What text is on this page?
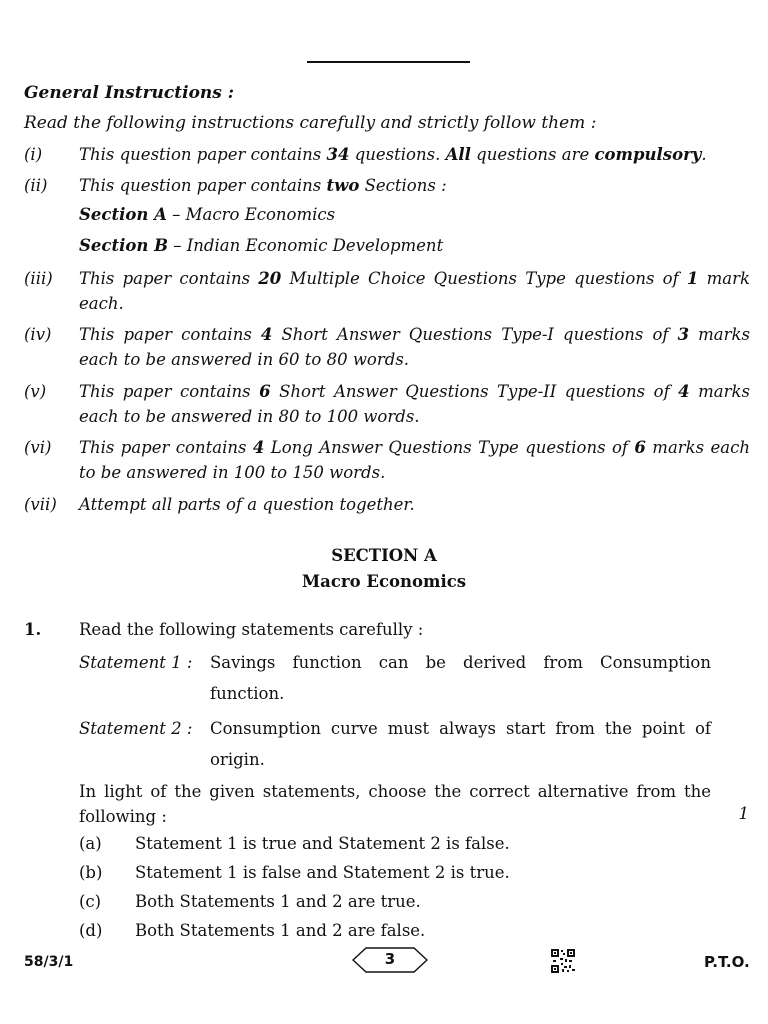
General Instructions :
Read the following instructions carefully and strictly follow them :
(i) This question paper contains 34 questions. All questions are compulsory.
(ii) This question paper contains two Sections :
Section A – Macro Economics
Section B – Indian Economic Development
(iii) This paper contains 20 Multiple Choice Questions Type questions of 1 mark each.
(iv) This paper contains 4 Short Answer Questions Type-I questions of 3 marks each to be answered in 60 to 80 words.
(v) This paper contains 6 Short Answer Questions Type-II questions of 4 marks each to be answered in 80 to 100 words.
(vi) This paper contains 4 Long Answer Questions Type questions of 6 marks each to be answered in 100 to 150 words.
(vii) Attempt all parts of a question together.
SECTION A
Macro Economics
1. Read the following statements carefully :
Statement 1 : Savings function can be derived from Consumption function.
Statement 2 : Consumption curve must always start from the point of origin.
In light of the given statements, choose the correct alternative from the following :	1
(a) Statement 1 is true and Statement 2 is false.
(b) Statement 1 is false and Statement 2 is true.
(c) Both Statements 1 and 2 are true.
(d) Both Statements 1 and 2 are false.
58/3/1	3	P.T.O.
